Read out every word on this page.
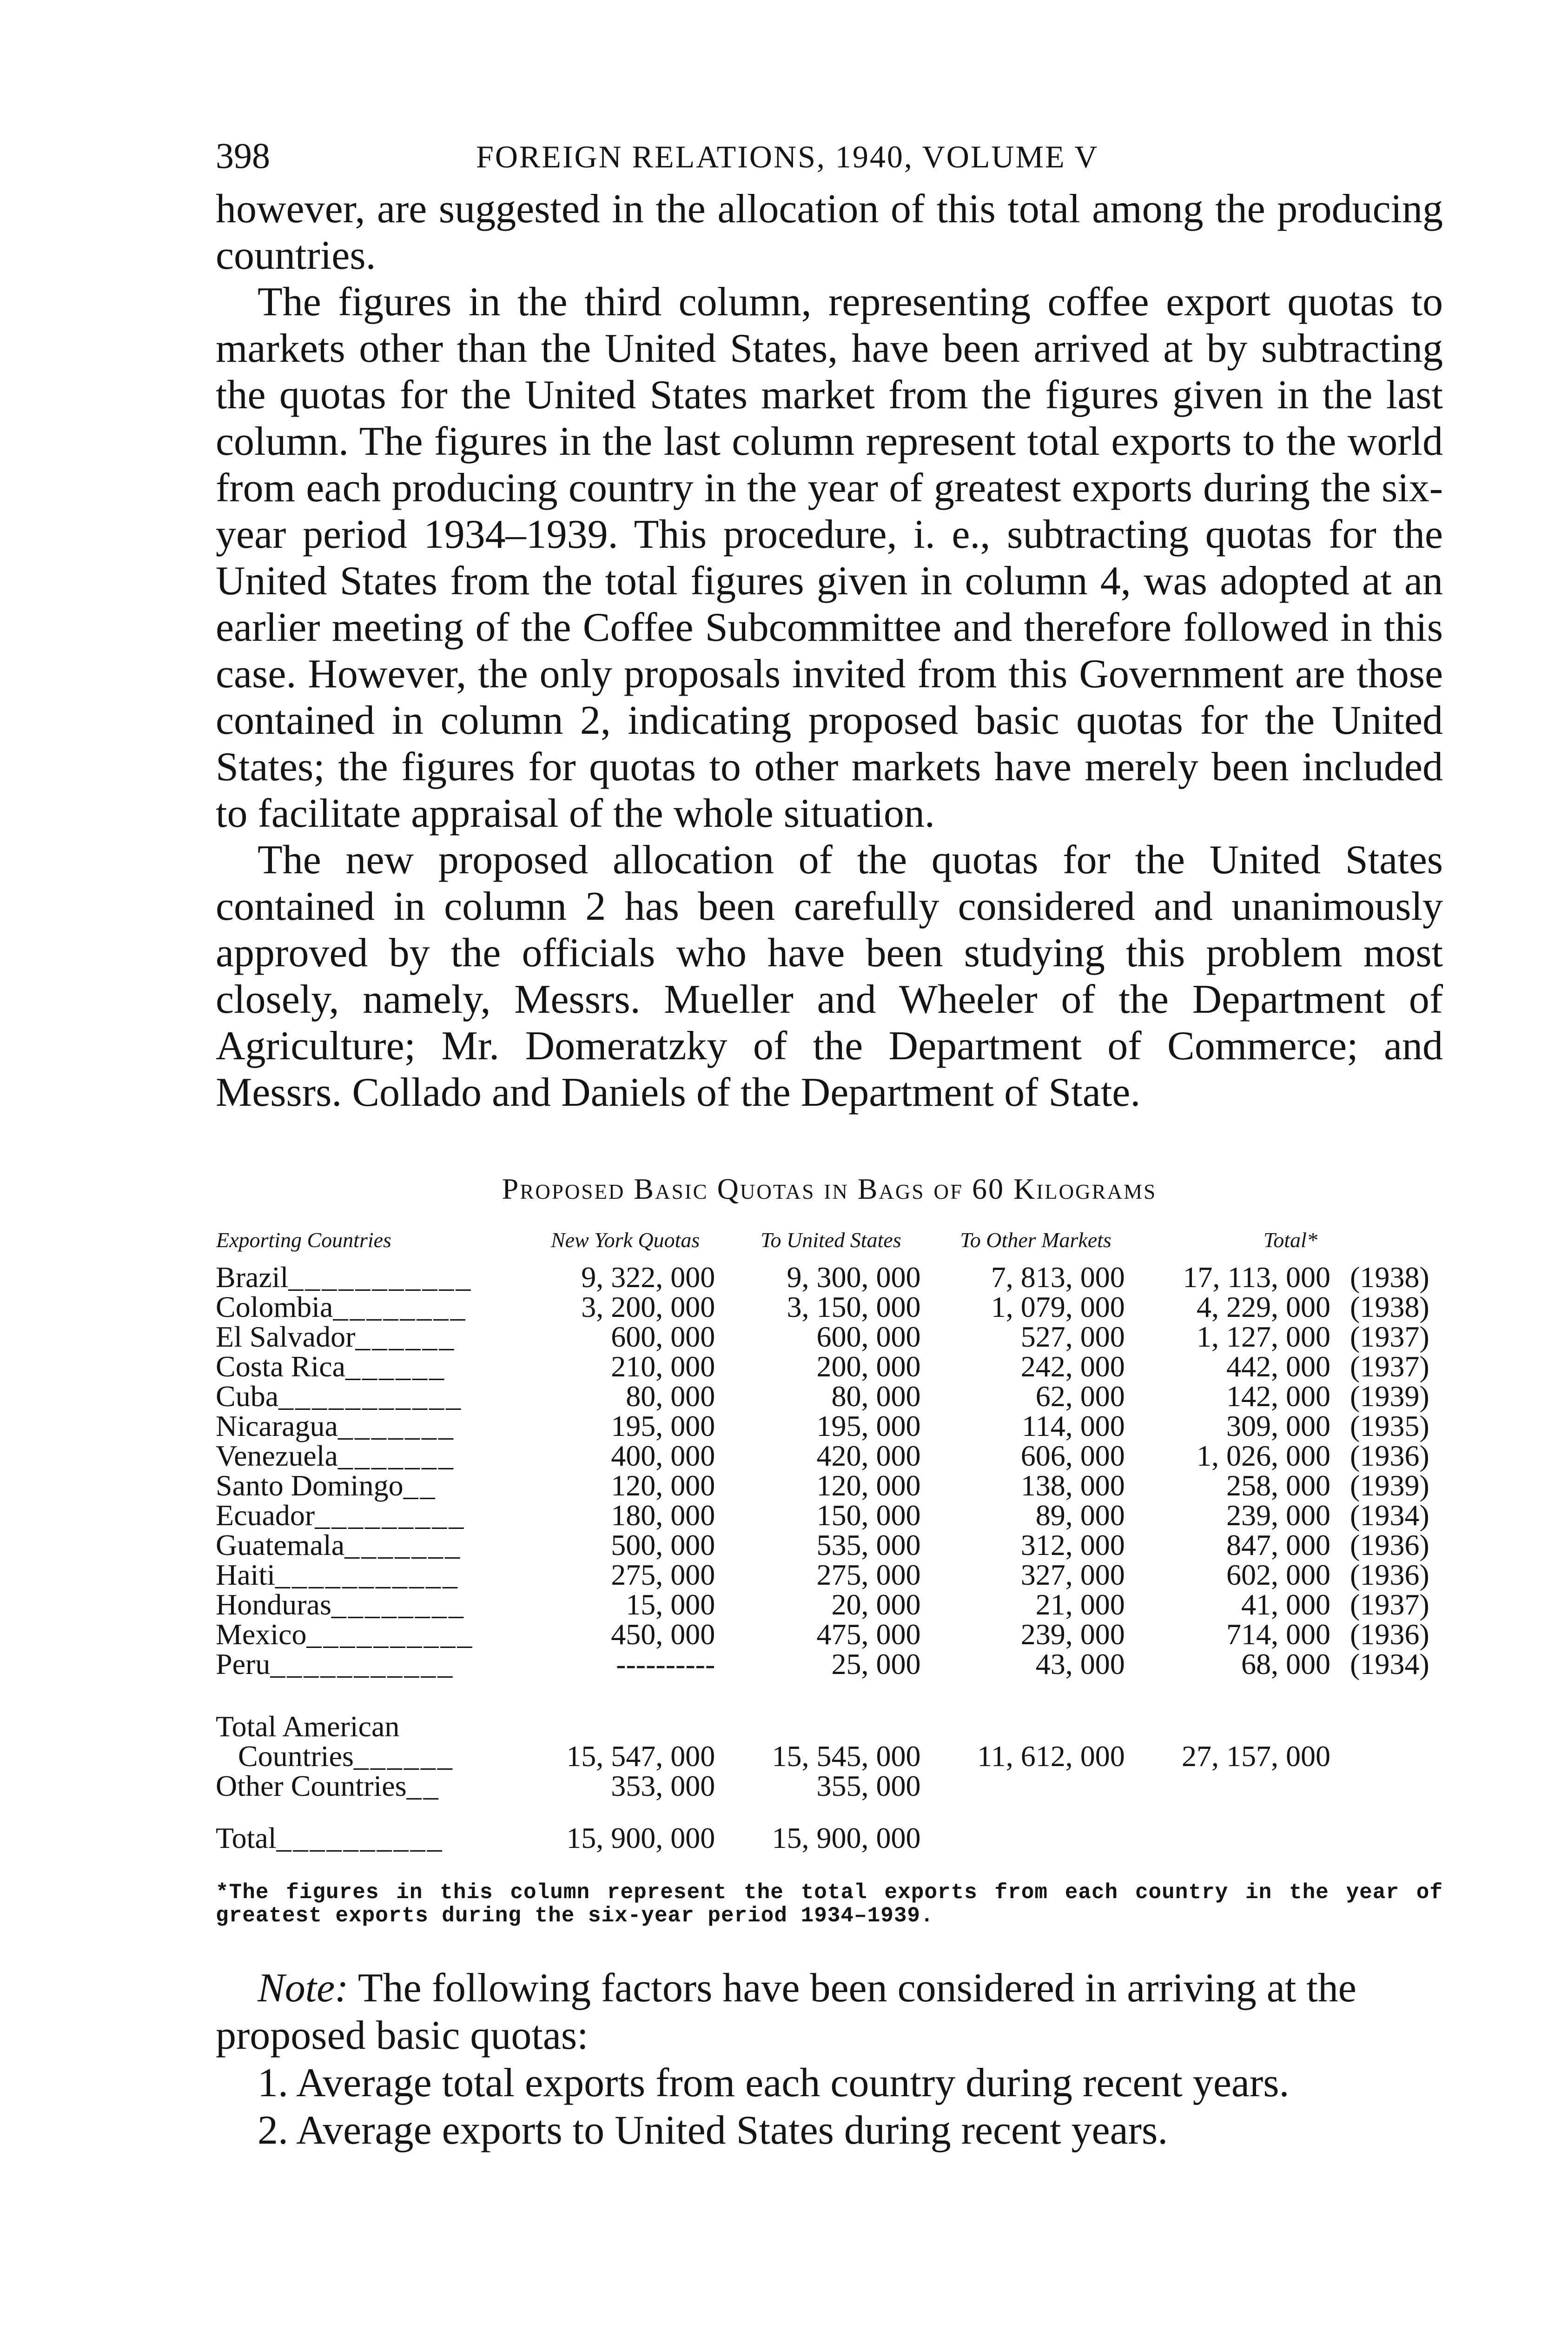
398	FOREIGN RELATIONS, 1940, VOLUME V

however, are suggested in the allocation of this total among the producing countries.

The figures in the third column, representing coffee export quotas to markets other than the United States, have been arrived at by subtracting the quotas for the United States market from the figures given in the last column. The figures in the last column represent total exports to the world from each producing country in the year of greatest exports during the six-year period 1934–1939. This procedure, i. e., subtracting quotas for the United States from the total figures given in column 4, was adopted at an earlier meeting of the Coffee Subcommittee and therefore followed in this case. However, the only proposals invited from this Government are those contained in column 2, indicating proposed basic quotas for the United States; the figures for quotas to other markets have merely been included to facilitate appraisal of the whole situation.

The new proposed allocation of the quotas for the United States contained in column 2 has been carefully considered and unanimously approved by the officials who have been studying this problem most closely, namely, Messrs. Mueller and Wheeler of the Department of Agriculture; Mr. Domeratzky of the Department of Commerce; and Messrs. Collado and Daniels of the Department of State.

Proposed Basic Quotas in Bags of 60 Kilograms
Exporting Countries	New York Quotas	To United States	To Other Markets	Total*	
Brazil___________	9, 322, 000	9, 300, 000	7, 813, 000	17, 113, 000	(1938)
Colombia________	3, 200, 000	3, 150, 000	1, 079, 000	4, 229, 000	(1938)
El Salvador______	600, 000	600, 000	527, 000	1, 127, 000	(1937)
Costa Rica______	210, 000	200, 000	242, 000	442, 000	(1937)
Cuba___________	80, 000	80, 000	62, 000	142, 000	(1939)
Nicaragua_______	195, 000	195, 000	114, 000	309, 000	(1935)
Venezuela_______	400, 000	420, 000	606, 000	1, 026, 000	(1936)
Santo Domingo__	120, 000	120, 000	138, 000	258, 000	(1939)
Ecuador_________	180, 000	150, 000	89, 000	239, 000	(1934)
Guatemala_______	500, 000	535, 000	312, 000	847, 000	(1936)
Haiti___________	275, 000	275, 000	327, 000	602, 000	(1936)
Honduras________	15, 000	20, 000	21, 000	41, 000	(1937)
Mexico__________	450, 000	475, 000	239, 000	714, 000	(1936)
Peru___________	----------	25, 000	43, 000	68, 000	(1934)

Total American					
Countries______	15, 547, 000	15, 545, 000	11, 612, 000	27, 157, 000	
Other Countries__	353, 000	355, 000			

Total__________	15, 900, 000	15, 900, 000			
*The figures in this column represent the total exports from each country in the year of greatest exports during the six-year period 1934–1939.

Note: The following factors have been considered in arriving at the proposed basic quotas:

1. Average total exports from each country during recent years.
2. Average exports to United States during recent years.
